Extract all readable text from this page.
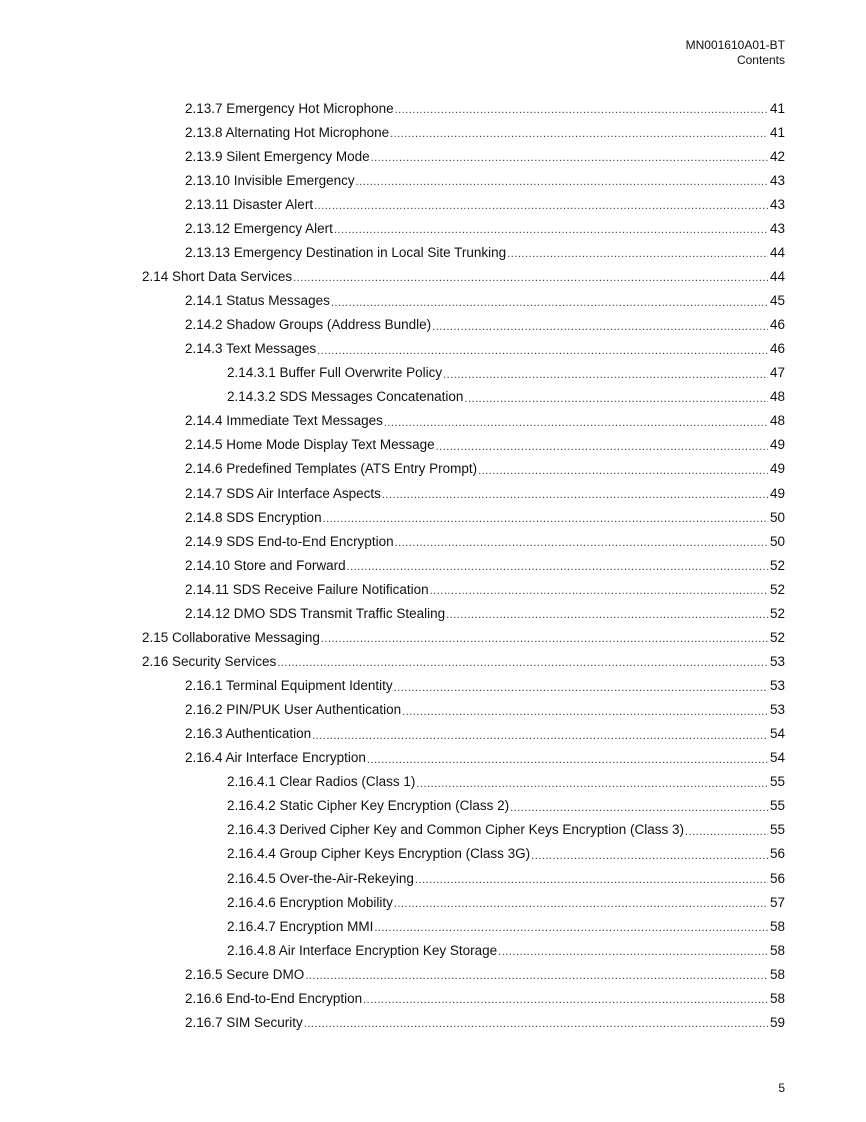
MN001610A01-BT
Contents
2.13.7 Emergency Hot Microphone .....	41
2.13.8 Alternating Hot Microphone .....	41
2.13.9 Silent Emergency Mode .....	42
2.13.10 Invisible Emergency .....	43
2.13.11 Disaster Alert .....	43
2.13.12 Emergency Alert .....	43
2.13.13 Emergency Destination in Local Site Trunking .....	44
2.14 Short Data Services .....	44
2.14.1 Status Messages .....	45
2.14.2 Shadow Groups (Address Bundle) .....	46
2.14.3 Text Messages .....	46
2.14.3.1 Buffer Full Overwrite Policy .....	47
2.14.3.2 SDS Messages Concatenation .....	48
2.14.4 Immediate Text Messages .....	48
2.14.5 Home Mode Display Text Message .....	49
2.14.6 Predefined Templates (ATS Entry Prompt) .....	49
2.14.7 SDS Air Interface Aspects .....	49
2.14.8 SDS Encryption .....	50
2.14.9 SDS End-to-End Encryption .....	50
2.14.10 Store and Forward .....	52
2.14.11 SDS Receive Failure Notification .....	52
2.14.12 DMO SDS Transmit Traffic Stealing .....	52
2.15 Collaborative Messaging .....	52
2.16 Security Services .....	53
2.16.1 Terminal Equipment Identity .....	53
2.16.2 PIN/PUK User Authentication .....	53
2.16.3 Authentication .....	54
2.16.4 Air Interface Encryption .....	54
2.16.4.1 Clear Radios (Class 1) .....	55
2.16.4.2 Static Cipher Key Encryption (Class 2) .....	55
2.16.4.3 Derived Cipher Key and Common Cipher Keys Encryption (Class 3) .....	55
2.16.4.4 Group Cipher Keys Encryption (Class 3G) .....	56
2.16.4.5 Over-the-Air-Rekeying .....	56
2.16.4.6 Encryption Mobility .....	57
2.16.4.7 Encryption MMI .....	58
2.16.4.8 Air Interface Encryption Key Storage .....	58
2.16.5 Secure DMO .....	58
2.16.6 End-to-End Encryption .....	58
2.16.7 SIM Security .....	59
5
